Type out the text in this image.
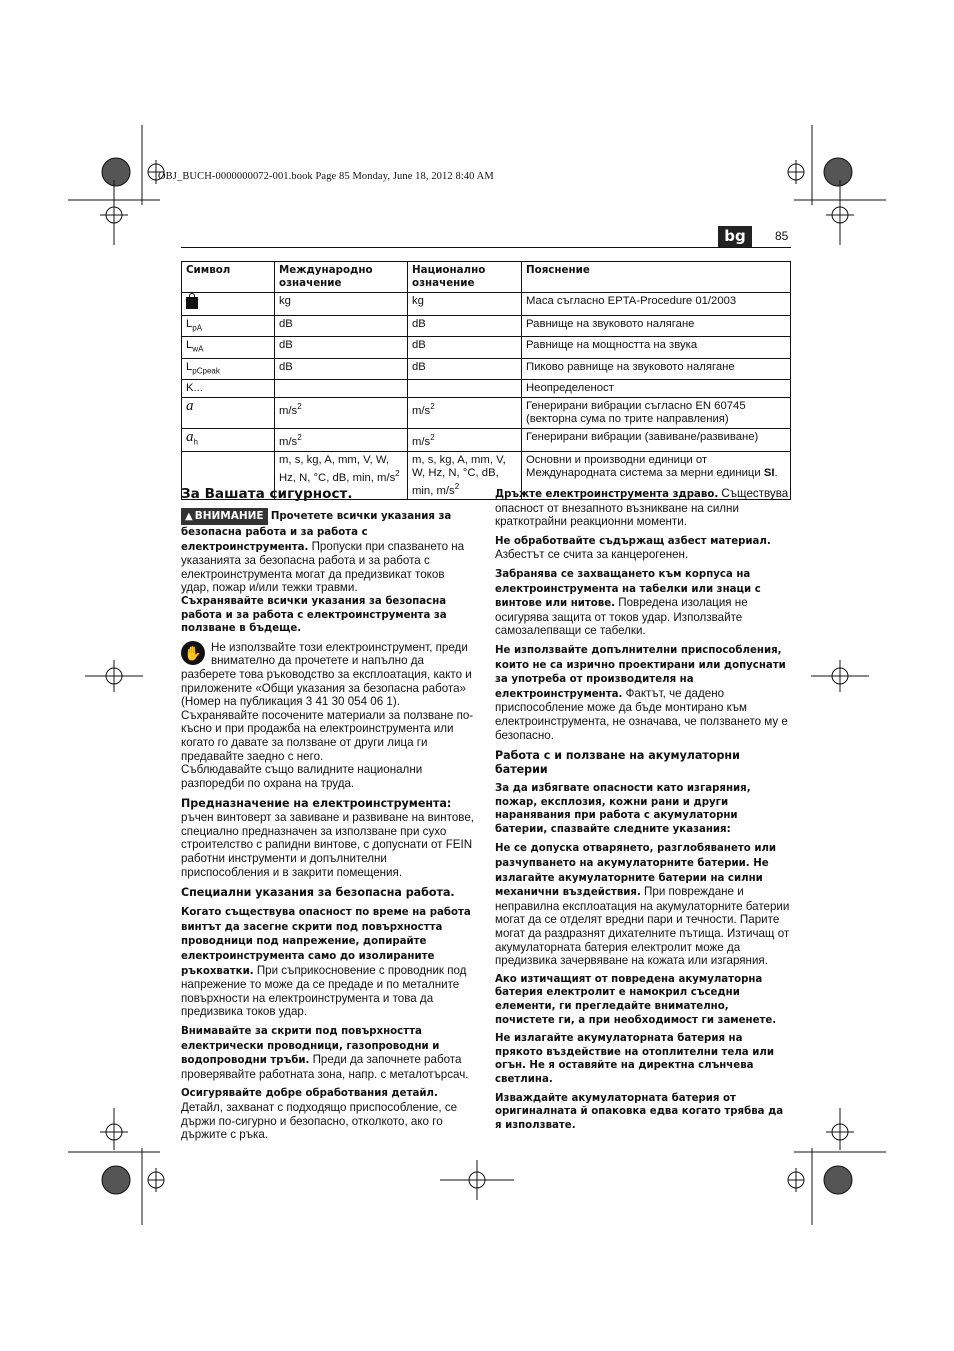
OBJ_BUCH-0000000072-001.book Page 85 Monday, June 18, 2012 8:40 AM
bg	85
Символ	Международно означение	Национално означение	Пояснение

	kg	kg	Маса съгласно EPTA-Procedure 01/2003
$L_{pA}$	dB	dB	Равнище на звуковото налягане
$L_{wA}$	dB	dB	Равнище на мощността на звука
$L_{pCpeak}$	dB	dB	Пиково равнище на звуковото налягане
K...			Неопределеност
a	$m/s^2$	$m/s^2$	Генерирани вибрации съгласно EN 60745 (векторна сума по трите направления)
$a_h$	$m/s^2$	$m/s^2$	Генерирани вибрации (завиване/развиване)
	m, s, kg, A, mm, V, W, Hz, N, °C, dB, min, $m/s^2$	m, s, kg, A, mm, V, W, Hz, N, °C, dB, min, $m/s^2$	Основни и производни единици от Международната система за мерни единици SI.
За Вашата сигурност.

▲ ВНИМАНИЕ Прочетете всички указания за безопасна работа и за работа с електроинструмента. Пропуски при спазването на указанията за безопасна работа и за работа с електроинструмента могат да предизвикат токов удар, пожар и/или тежки травми.

Съхранявайте всички указания за безопасна работа и за работа с електроинструмента за ползване в бъдеще.

✋ Не използвайте този електроинструмент, преди внимателно да прочетете и напълно да разберете това ръководство за експлоатация, както и приложените «Общи указания за безопасна работа» (Номер на публикация 3 41 30 054 06 1). Съхранявайте посочените материали за ползване по-късно и при продажба на електроинструмента или когато го давате за ползване от други лица ги предавайте заедно с него.

Съблюдавайте също валидните национални разпоредби по охрана на труда.

Предназначение на електроинструмента:

ръчен винтоверт за завиване и развиване на винтове, специално предназначен за използване при сухо строителство с рапидни винтове, с допуснати от FEIN работни инструменти и допълнителни приспособления и в закрити помещения.

Специални указания за безопасна работа.

Когато съществува опасност по време на работа винтът да засегне скрити под повърхността проводници под напрежение, допирайте електроинструмента само до изолираните ръкохватки. При съприкосновение с проводник под напрежение то може да се предаде и по металните повърхности на електроинструмента и това да предизвика токов удар.

Внимавайте за скрити под повърхността електрически проводници, газопроводни и водопроводни тръби. Преди да започнете работа проверявайте работната зона, напр. с металотърсач.

Осигурявайте добре обработвания детайл. Детайл, захванат с подходящо приспособление, се държи по-сигурно и безопасно, отколкото, ако го държите с ръка.

Дръжте електроинструмента здраво. Съществува опасност от внезапното възникване на силни краткотрайни реакционни моменти.

Не обработвайте съдържащ азбест материал. Азбестът се счита за канцерогенен.

Забранява се захващането към корпуса на електроинструмента на табелки или знаци с винтове или нитове. Повредена изолация не осигурява защита от токов удар. Използвайте самозалепващи се табелки.

Не използвайте допълнителни приспособления, които не са изрично проектирани или допуснати за употреба от производителя на електроинструмента. Фактът, че дадено приспособление може да бъде монтирано към електроинструмента, не означава, че ползването му е безопасно.

Работа с и ползване на акумулаторни батерии

За да избягвате опасности като изгаряния, пожар, експлозия, кожни рани и други наранявания при работа с акумулаторни батерии, спазвайте следните указания:

Не се допуска отварянето, разглобяването или разчупването на акумулаторните батерии. Не излагайте акумулаторните батерии на силни механични въздействия. При повреждане и неправилна експлоатация на акумулаторните батерии могат да се отделят вредни пари и течности. Парите могат да раздразнят дихателните пътища. Изтичащ от акумулаторната батерия електролит може да предизвика зачервяване на кожата или изгаряния.

Ако изтичащият от повредена акумулаторна батерия електролит е намокрил съседни елементи, ги прегледайте внимателно, почистете ги, а при необходимост ги заменете.

Не излагайте акумулаторната батерия на прякото въздействие на отоплителни тела или огън. Не я оставяйте на директна слънчева светлина.

Изваждайте акумулаторната батерия от оригиналната й опаковка едва когато трябва да я използвате.
